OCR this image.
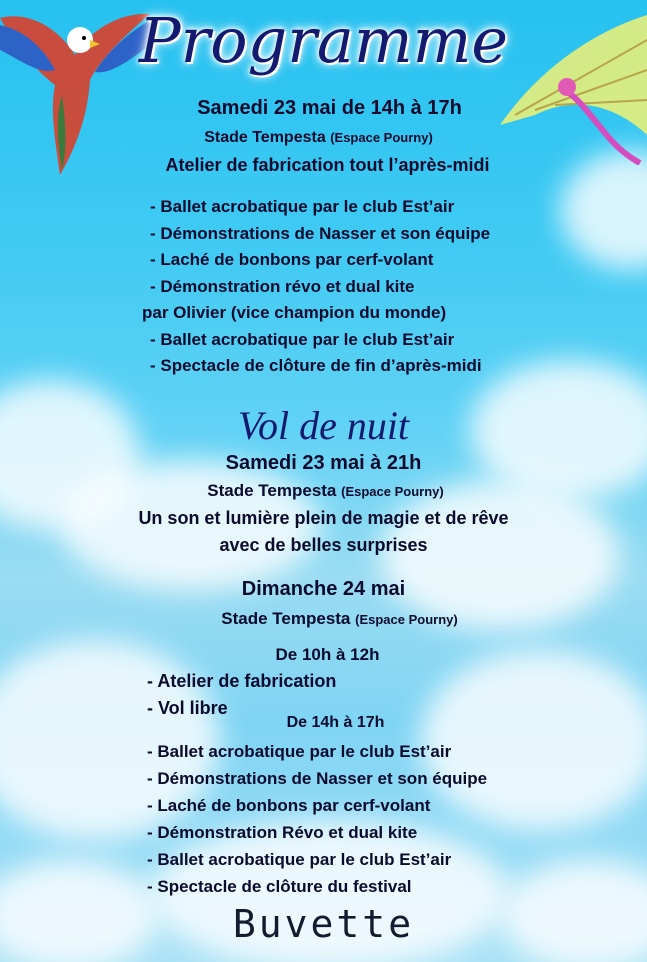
Programme
Samedi 23 mai de 14h à 17h
Stade Tempesta (Espace Pourny)
Atelier de fabrication tout l’après-midi
- Ballet acrobatique par le club Est’air
- Démonstrations de Nasser et son équipe
- Laché de bonbons par cerf-volant
- Démonstration révo et dual kite
par Olivier (vice champion du monde)
- Ballet acrobatique par le club Est’air
- Spectacle de clôture de fin d’après-midi
Vol de nuit
Samedi 23 mai à 21h
Stade Tempesta (Espace Pourny)
Un son et lumière plein de magie et de rêve
avec de belles surprises
Dimanche 24 mai
Stade Tempesta (Espace Pourny)
De 10h à 12h
- Atelier de fabrication
- Vol libre
De 14h à 17h
- Ballet acrobatique par le club Est’air
- Démonstrations de Nasser et son équipe
- Laché de bonbons par cerf-volant
- Démonstration Révo et dual kite
- Ballet acrobatique par le club Est’air
- Spectacle de clôture du festival
Buvette
